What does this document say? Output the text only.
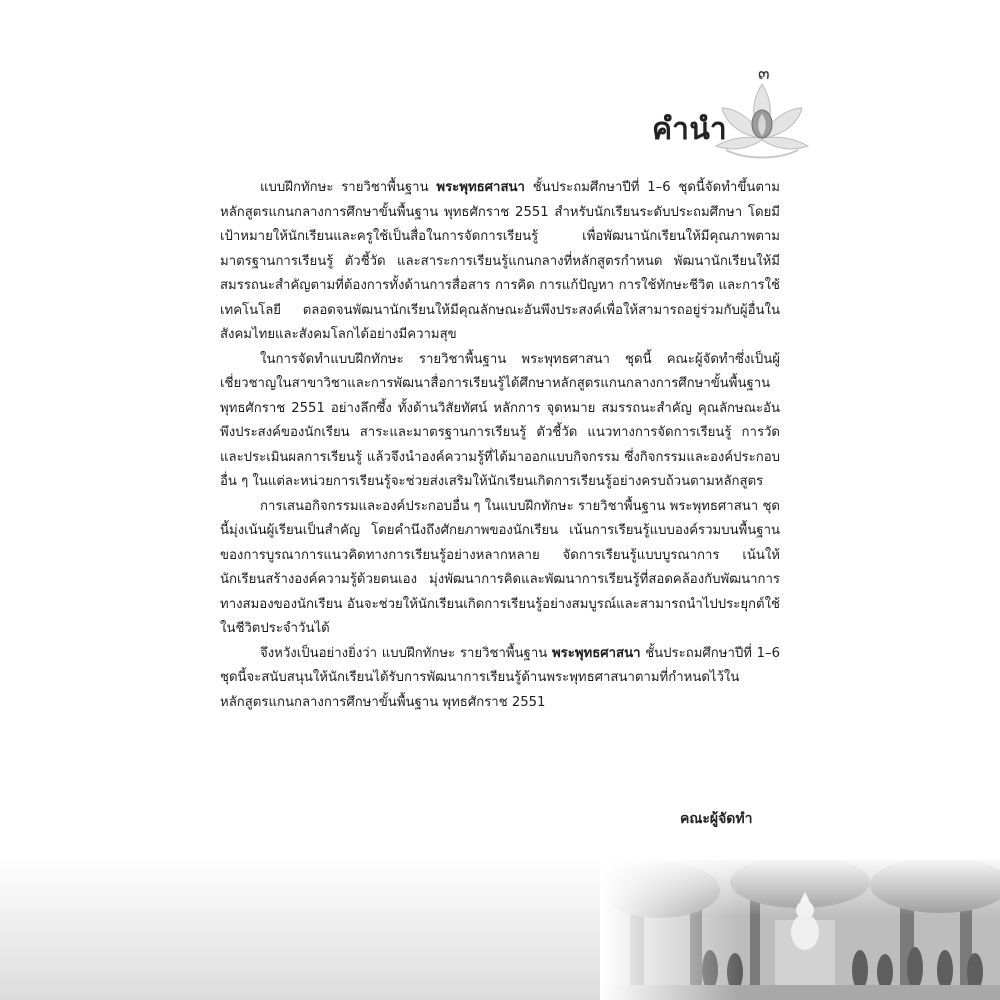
๓
คำนำ

แบบฝึกทักษะ รายวิชาพื้นฐาน พระพุทธศาสนา ชั้นประถมศึกษาปีที่ 1–6 ชุดนี้จัดทำขึ้นตามหลักสูตรแกนกลางการศึกษาขั้นพื้นฐาน พุทธศักราช 2551 สำหรับนักเรียนระดับประถมศึกษา โดยมีเป้าหมายให้นักเรียนและครูใช้เป็นสื่อในการจัดการเรียนรู้ เพื่อพัฒนานักเรียนให้มีคุณภาพตามมาตรฐานการเรียนรู้ ตัวชี้วัด และสาระการเรียนรู้แกนกลางที่หลักสูตรกำหนด พัฒนานักเรียนให้มีสมรรถนะสำคัญตามที่ต้องการทั้งด้านการสื่อสาร การคิด การแก้ปัญหา การใช้ทักษะชีวิต และการใช้เทคโนโลยี ตลอดจนพัฒนานักเรียนให้มีคุณลักษณะอันพึงประสงค์เพื่อให้สามารถอยู่ร่วมกับผู้อื่นในสังคมไทยและสังคมโลกได้อย่างมีความสุข

ในการจัดทำแบบฝึกทักษะ รายวิชาพื้นฐาน พระพุทธศาสนา ชุดนี้ คณะผู้จัดทำซึ่งเป็นผู้เชี่ยวชาญในสาขาวิชาและการพัฒนาสื่อการเรียนรู้ได้ศึกษาหลักสูตรแกนกลางการศึกษาขั้นพื้นฐาน พุทธศักราช 2551 อย่างลึกซึ้ง ทั้งด้านวิสัยทัศน์ หลักการ จุดหมาย สมรรถนะสำคัญ คุณลักษณะอันพึงประสงค์ของนักเรียน สาระและมาตรฐานการเรียนรู้ ตัวชี้วัด แนวทางการจัดการเรียนรู้ การวัดและประเมินผลการเรียนรู้ แล้วจึงนำองค์ความรู้ที่ได้มาออกแบบกิจกรรม ซึ่งกิจกรรมและองค์ประกอบอื่น ๆ ในแต่ละหน่วยการเรียนรู้จะช่วยส่งเสริมให้นักเรียนเกิดการเรียนรู้อย่างครบถ้วนตามหลักสูตร

การเสนอกิจกรรมและองค์ประกอบอื่น ๆ ในแบบฝึกทักษะ รายวิชาพื้นฐาน พระพุทธศาสนา ชุดนี้มุ่งเน้นผู้เรียนเป็นสำคัญ โดยคำนึงถึงศักยภาพของนักเรียน เน้นการเรียนรู้แบบองค์รวมบนพื้นฐานของการบูรณาการแนวคิดทางการเรียนรู้อย่างหลากหลาย จัดการเรียนรู้แบบบูรณาการ เน้นให้นักเรียนสร้างองค์ความรู้ด้วยตนเอง มุ่งพัฒนาการคิดและพัฒนาการเรียนรู้ที่สอดคล้องกับพัฒนาการทางสมองของนักเรียน อันจะช่วยให้นักเรียนเกิดการเรียนรู้อย่างสมบูรณ์และสามารถนำไปประยุกต์ใช้ในชีวิตประจำวันได้

จึงหวังเป็นอย่างยิ่งว่า แบบฝึกทักษะ รายวิชาพื้นฐาน พระพุทธศาสนา ชั้นประถมศึกษาปีที่ 1–6 ชุดนี้จะสนับสนุนให้นักเรียนได้รับการพัฒนาการเรียนรู้ด้านพระพุทธศาสนาตามที่กำหนดไว้ในหลักสูตรแกนกลางการศึกษาขั้นพื้นฐาน พุทธศักราช 2551

คณะผู้จัดทำ
